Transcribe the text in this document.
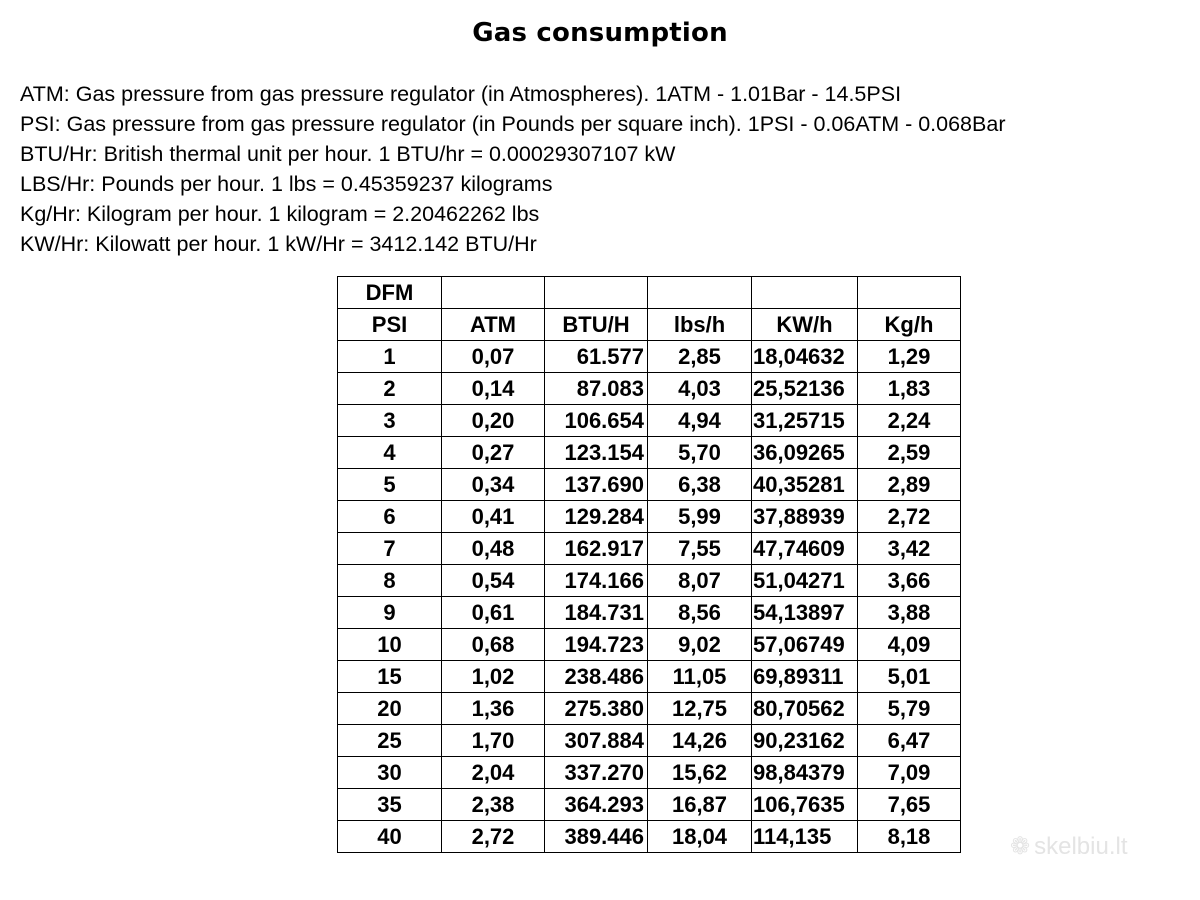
Gas consumption
ATM: Gas pressure from gas pressure regulator (in Atmospheres). 1ATM - 1.01Bar - 14.5PSI
PSI: Gas pressure from gas pressure regulator (in Pounds per square inch). 1PSI - 0.06ATM - 0.068Bar
BTU/Hr: British thermal unit per hour. 1 BTU/hr = 0.00029307107 kW
LBS/Hr: Pounds per hour. 1 lbs = 0.45359237 kilograms
Kg/Hr: Kilogram per hour. 1 kilogram = 2.20462262 lbs
KW/Hr: Kilowatt per hour. 1 kW/Hr = 3412.142 BTU/Hr
DFM					
PSI	ATM	BTU/H	lbs/h	KW/h	Kg/h
1	0,07	61.577	2,85	18,04632	1,29
2	0,14	87.083	4,03	25,52136	1,83
3	0,20	106.654	4,94	31,25715	2,24
4	0,27	123.154	5,70	36,09265	2,59
5	0,34	137.690	6,38	40,35281	2,89
6	0,41	129.284	5,99	37,88939	2,72
7	0,48	162.917	7,55	47,74609	3,42
8	0,54	174.166	8,07	51,04271	3,66
9	0,61	184.731	8,56	54,13897	3,88
10	0,68	194.723	9,02	57,06749	4,09
15	1,02	238.486	11,05	69,89311	5,01
20	1,36	275.380	12,75	80,70562	5,79
25	1,70	307.884	14,26	90,23162	6,47
30	2,04	337.270	15,62	98,84379	7,09
35	2,38	364.293	16,87	106,7635	7,65
40	2,72	389.446	18,04	114,135	8,18	❁ skelbiu.lt
